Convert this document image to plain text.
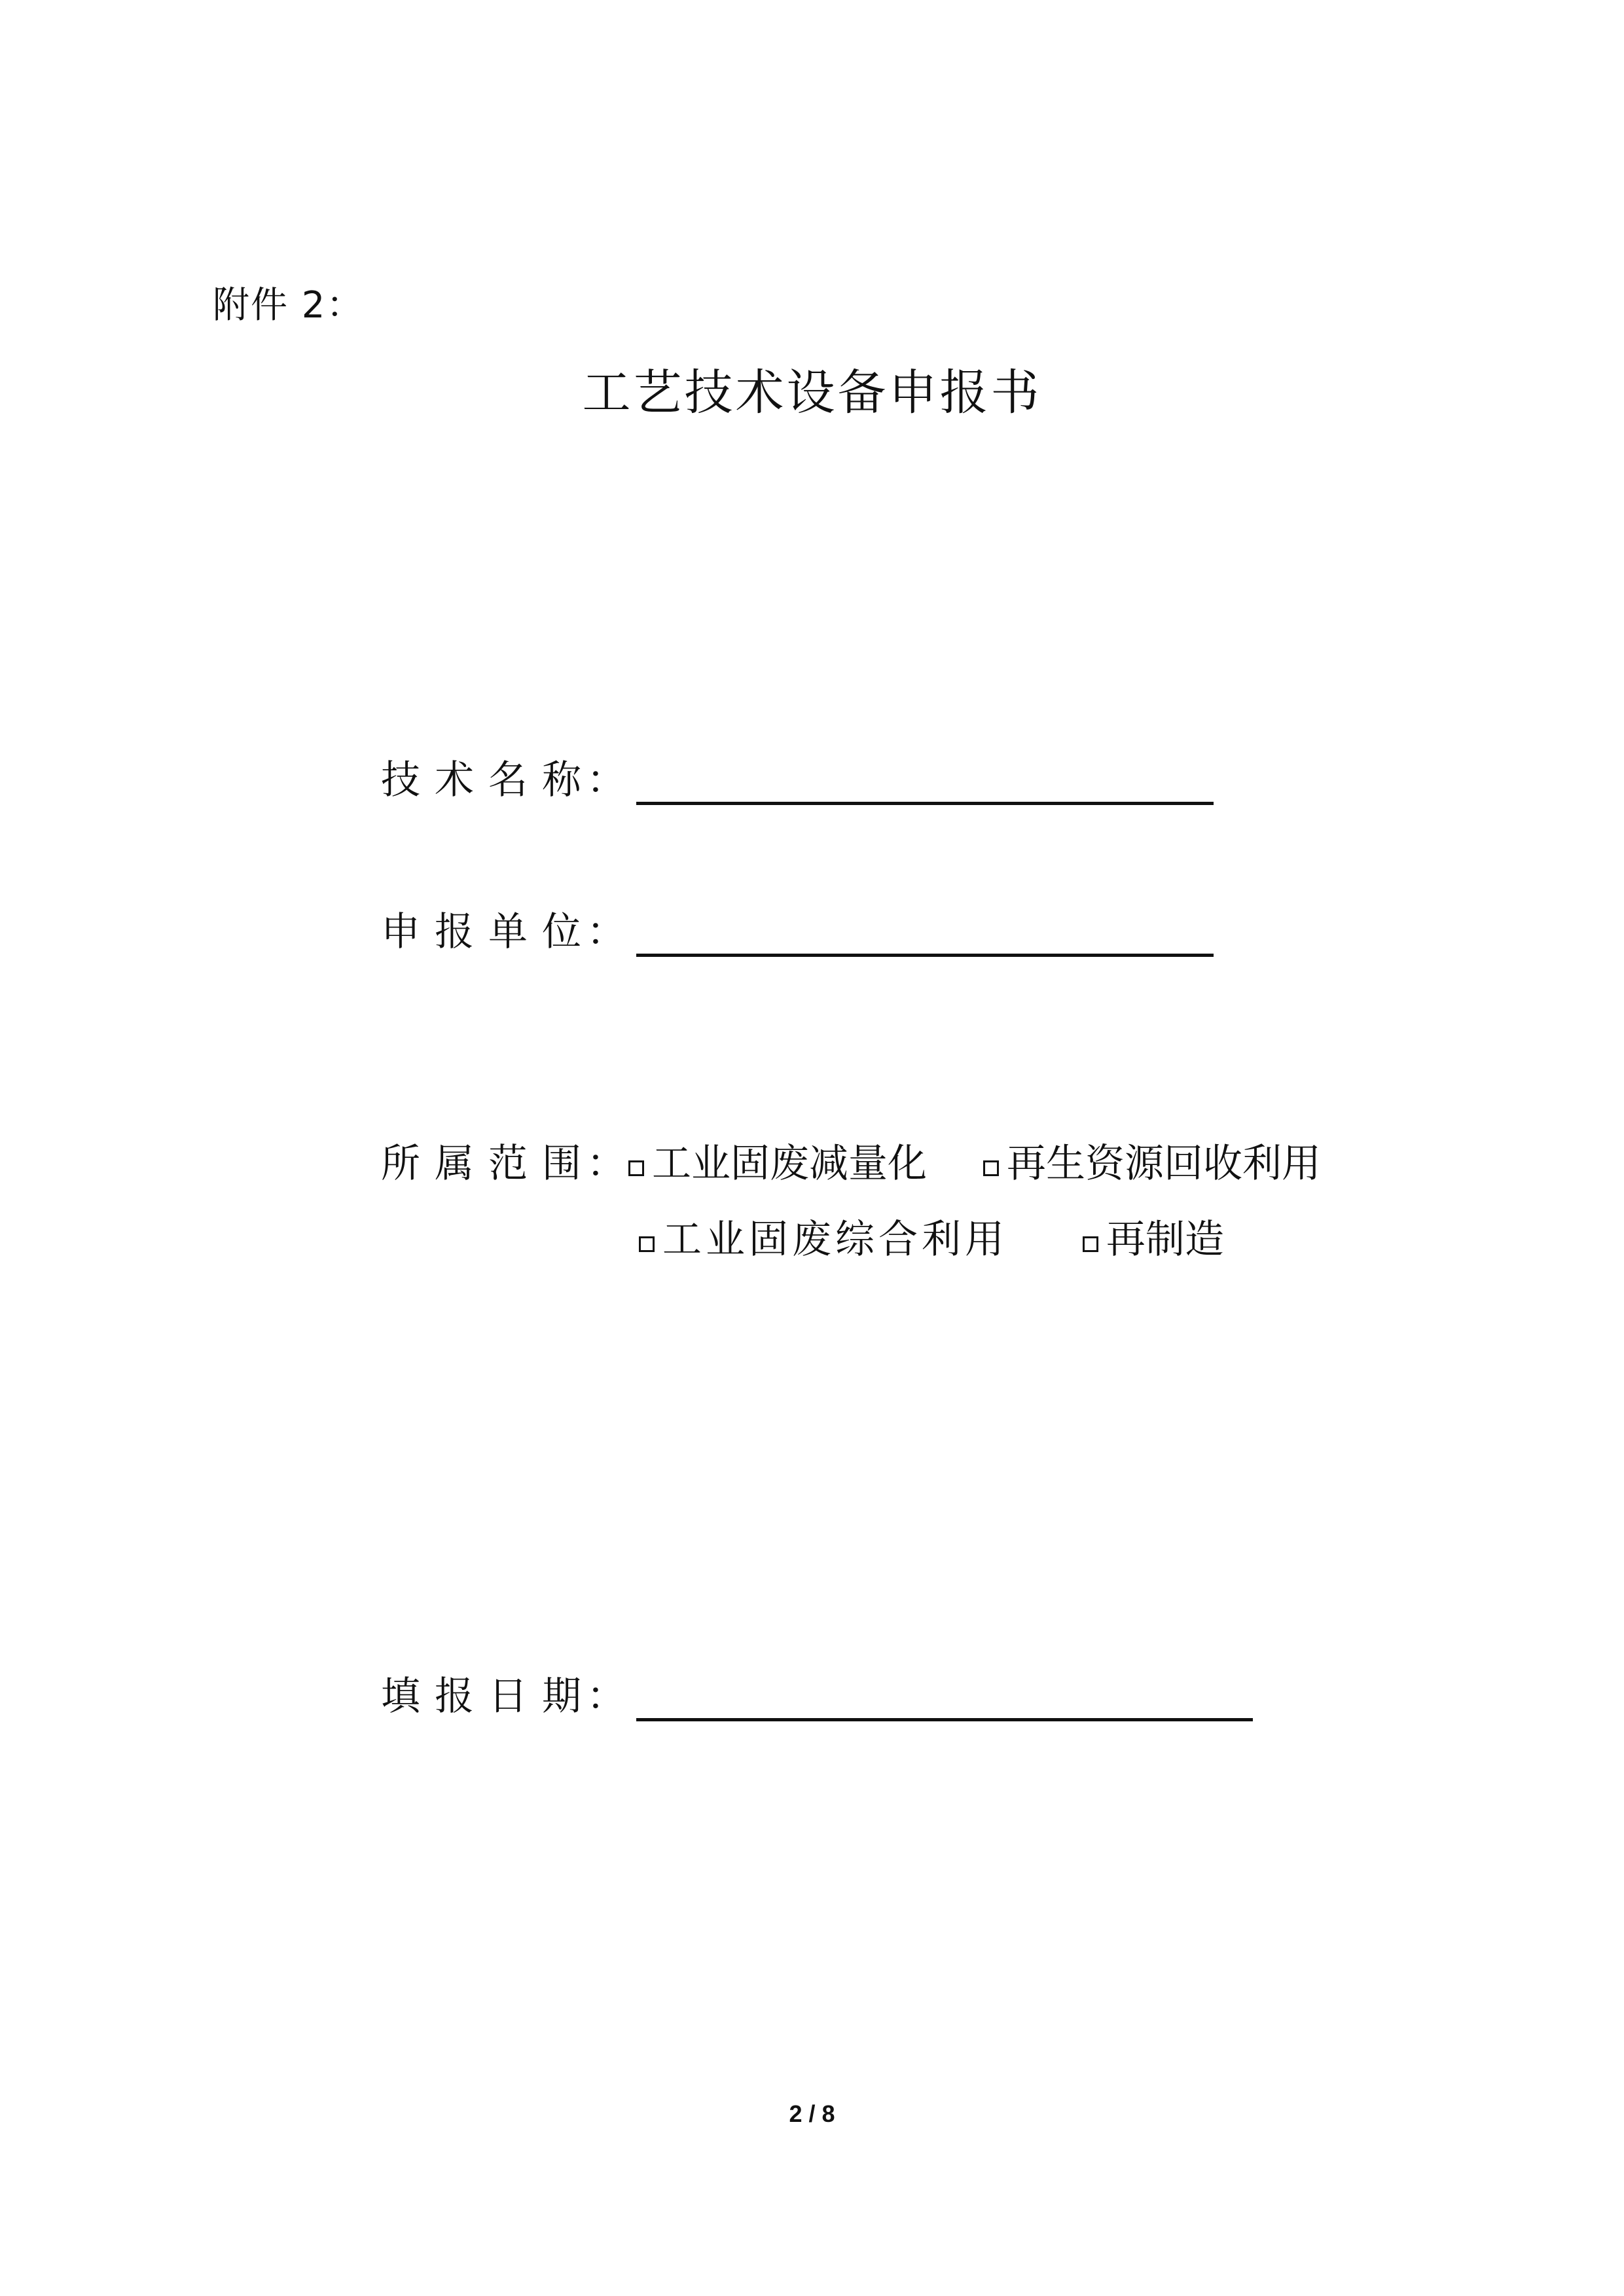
附件 2：
工艺技术设备申报书
技术名称
：
申报单位
：
所属范围
： 工业固废减量化 再生资源回收利用
工业固废综合利用	再制造
填报日期
：
2 / 8
